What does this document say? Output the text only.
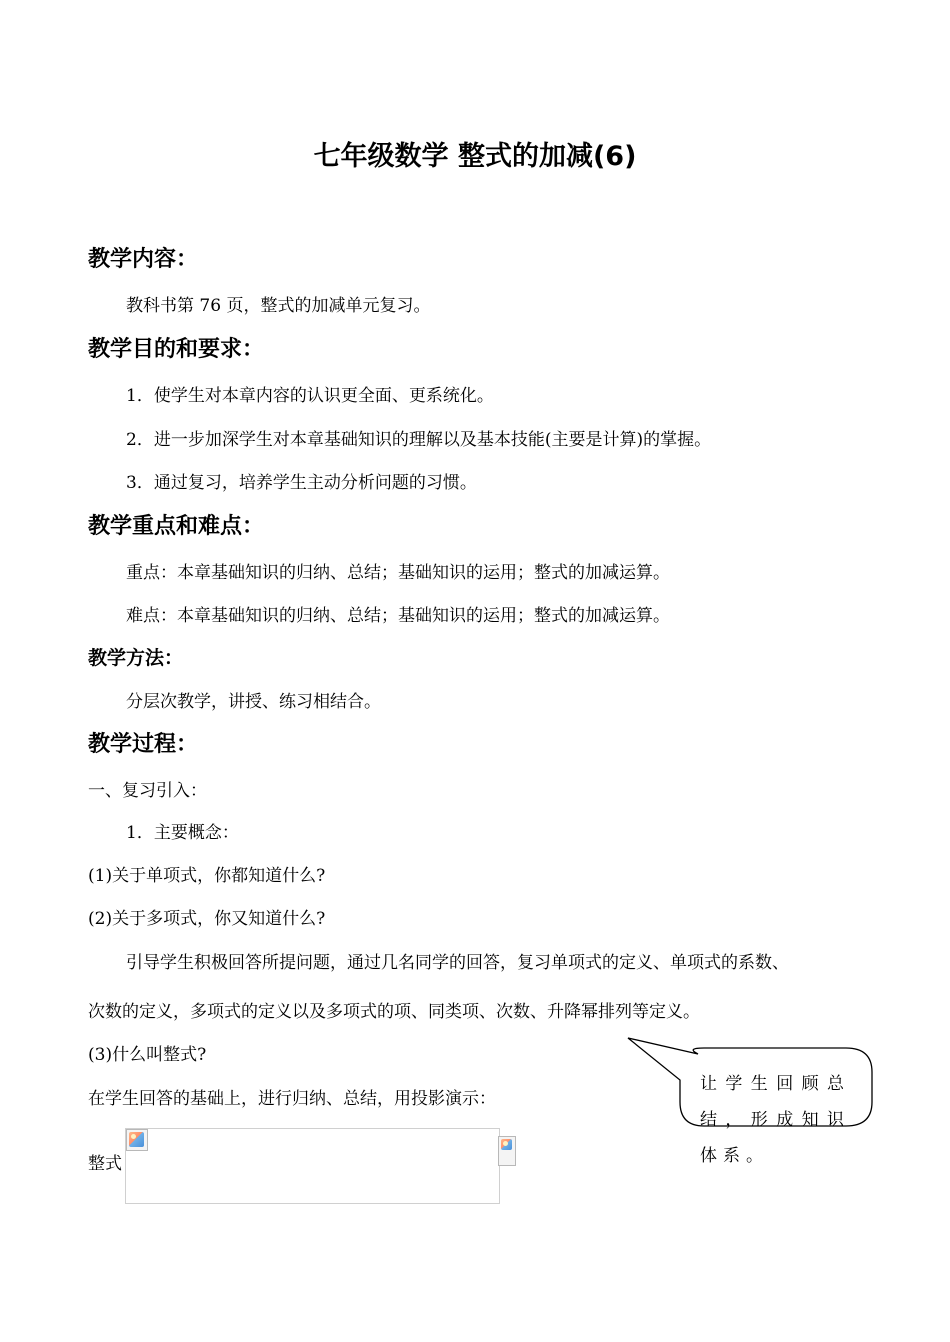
七年级数学 整式的加减(6)
教学内容：
教科书第 76 页，整式的加减单元复习。
教学目的和要求：
1．使学生对本章内容的认识更全面、更系统化。
2．进一步加深学生对本章基础知识的理解以及基本技能(主要是计算)的掌握。
3．通过复习，培养学生主动分析问题的习惯。
教学重点和难点：
重点：本章基础知识的归纳、总结；基础知识的运用；整式的加减运算。
难点：本章基础知识的归纳、总结；基础知识的运用；整式的加减运算。
教学方法：
分层次教学，讲授、练习相结合。
教学过程：
一、复习引入：
1．主要概念：
(1)关于单项式，你都知道什么?
(2)关于多项式，你又知道什么?
引导学生积极回答所提问题，通过几名同学的回答，复习单项式的定义、单项式的系数、
次数的定义，多项式的定义以及多项式的项、同类项、次数、升降幂排列等定义。
(3)什么叫整式?
在学生回答的基础上，进行归纳、总结，用投影演示：
整式
让学生回顾总结，形成知识体系。
